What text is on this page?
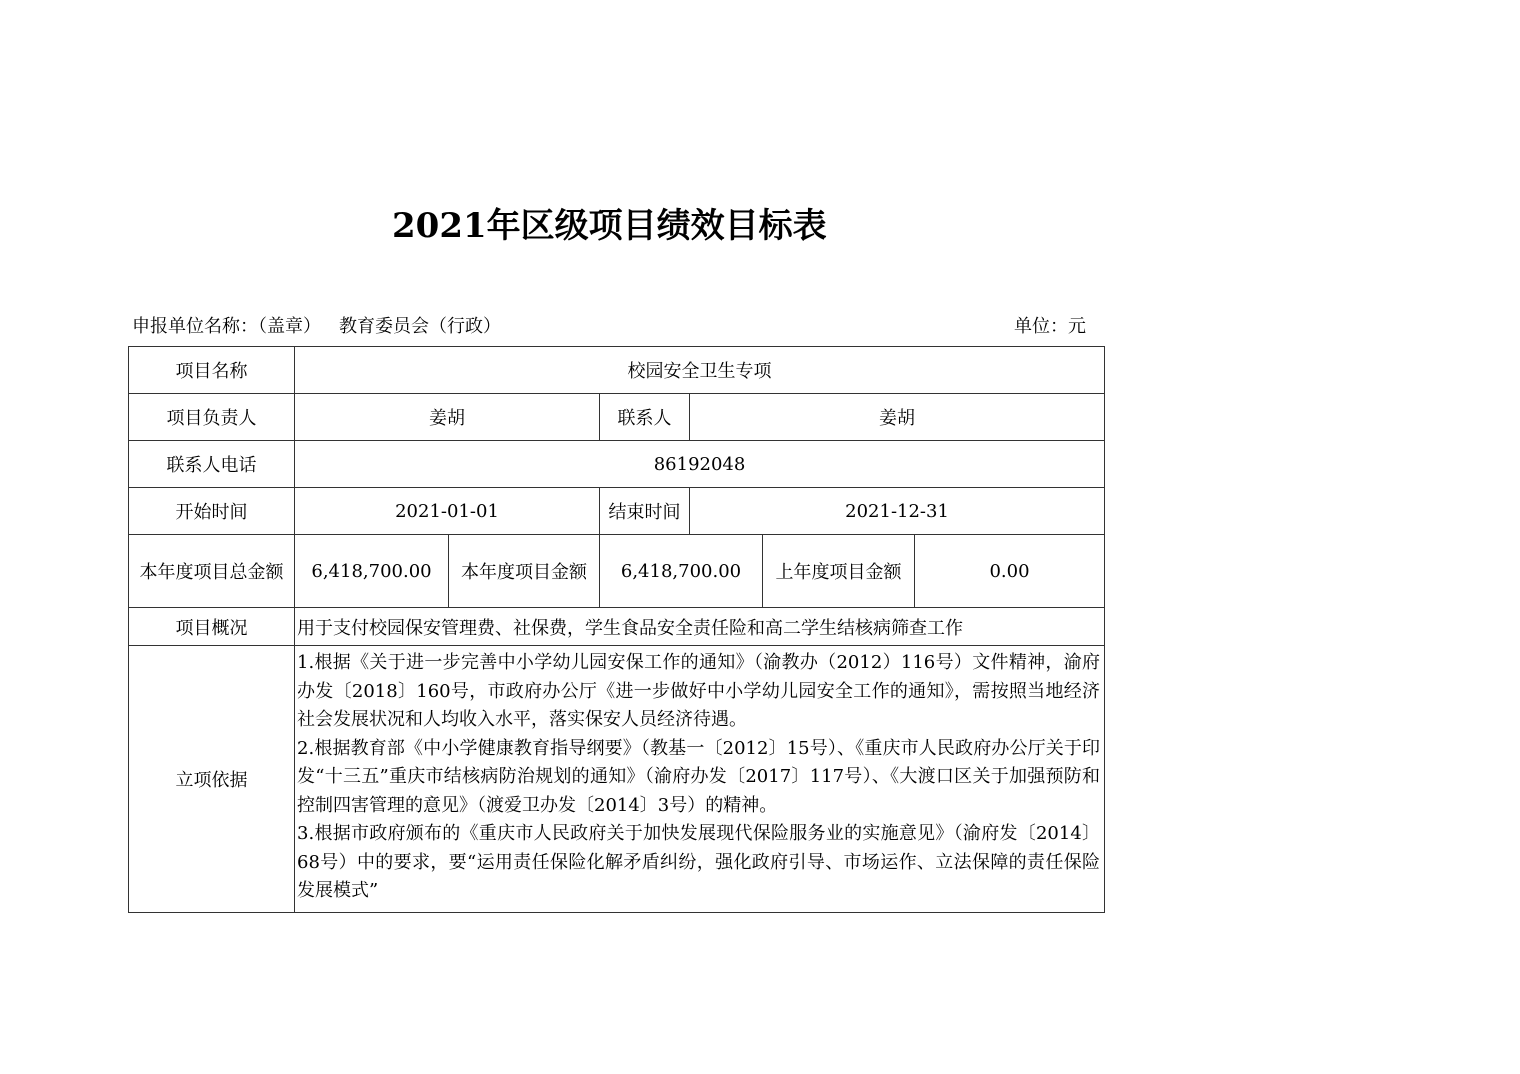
2021年区级项目绩效目标表
申报单位名称：（盖章） 教育委员会（行政）	单位：元
项目名称	校园安全卫生专项					
项目负责人	姜胡		联系人	姜胡		
联系人电话	86192048					
开始时间	2021-01-01		结束时间	2021-12-31		
本年度项目总金额	6,418,700.00	本年度项目金额	6,418,700.00		上年度项目金额	0.00
项目概况	用于支付校园保安管理费、社保费，学生食品安全责任险和高二学生结核病筛查工作					
立项依据	1.根据《关于进一步完善中小学幼儿园安保工作的通知》（渝教办（2012）116号）文件精神，渝府办发〔2018〕160号，市政府办公厅《进一步做好中小学幼儿园安全工作的通知》，需按照当地经济社会发展状况和人均收入水平，落实保安人员经济待遇。

2.根据教育部《中小学健康教育指导纲要》（教基一〔2012〕15号）、《重庆市人民政府办公厅关于印发“十三五”重庆市结核病防治规划的通知》（渝府办发〔2017〕117号）、《大渡口区关于加强预防和控制四害管理的意见》（渡爱卫办发〔2014〕3号）的精神。

3.根据市政府颁布的《重庆市人民政府关于加快发展现代保险服务业的实施意见》（渝府发〔2014〕68号）中的要求，要“运用责任保险化解矛盾纠纷，强化政府引导、市场运作、立法保障的责任保险发展模式”					
